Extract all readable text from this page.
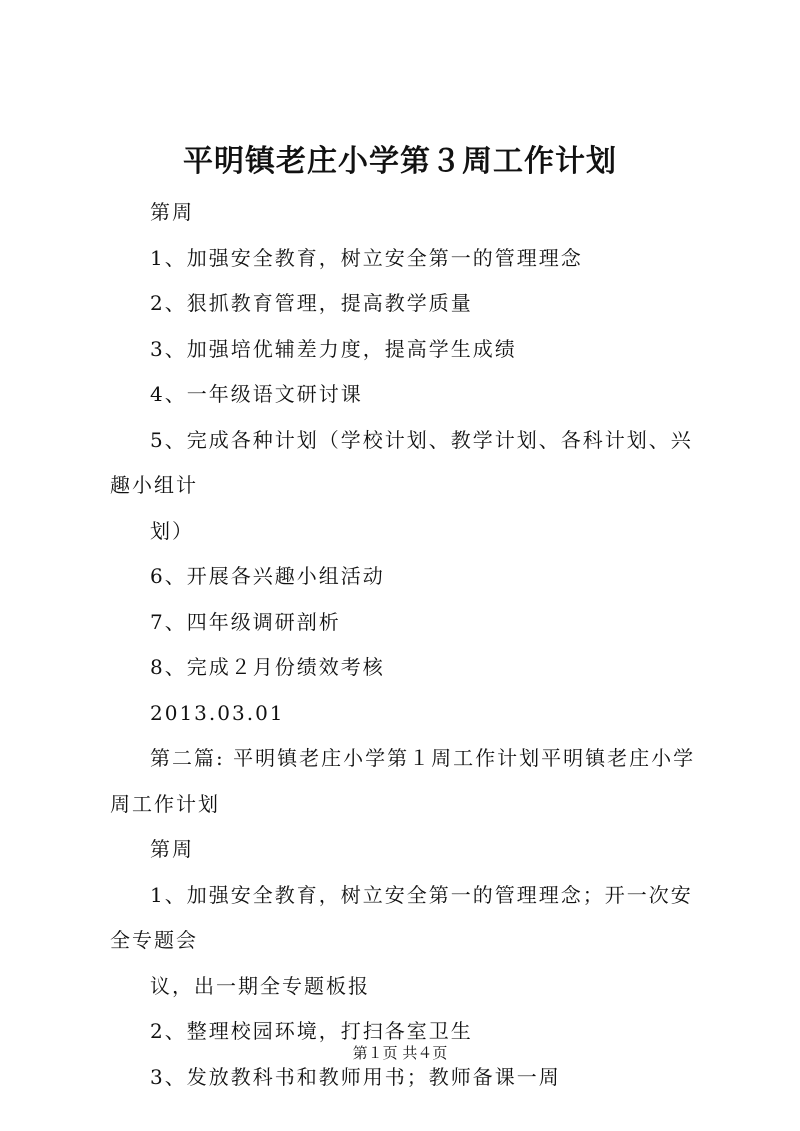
平明镇老庄小学第３周工作计划

第周

1、加强安全教育，树立安全第一的管理理念

2、狠抓教育管理，提高教学质量

3、加强培优辅差力度，提高学生成绩

4、一年级语文研讨课

5、完成各种计划（学校计划、教学计划、各科计划、兴趣小组计

划）

6、开展各兴趣小组活动

7、四年级调研剖析

8、完成２月份绩效考核

2013.03.01

第二篇: 平明镇老庄小学第１周工作计划平明镇老庄小学周工作计划

第周

1、加强安全教育，树立安全第一的管理理念；开一次安全专题会

议，出一期全专题板报

2、整理校园环境，打扫各室卫生

3、发放教科书和教师用书；教师备课一周

第１页 共４页
